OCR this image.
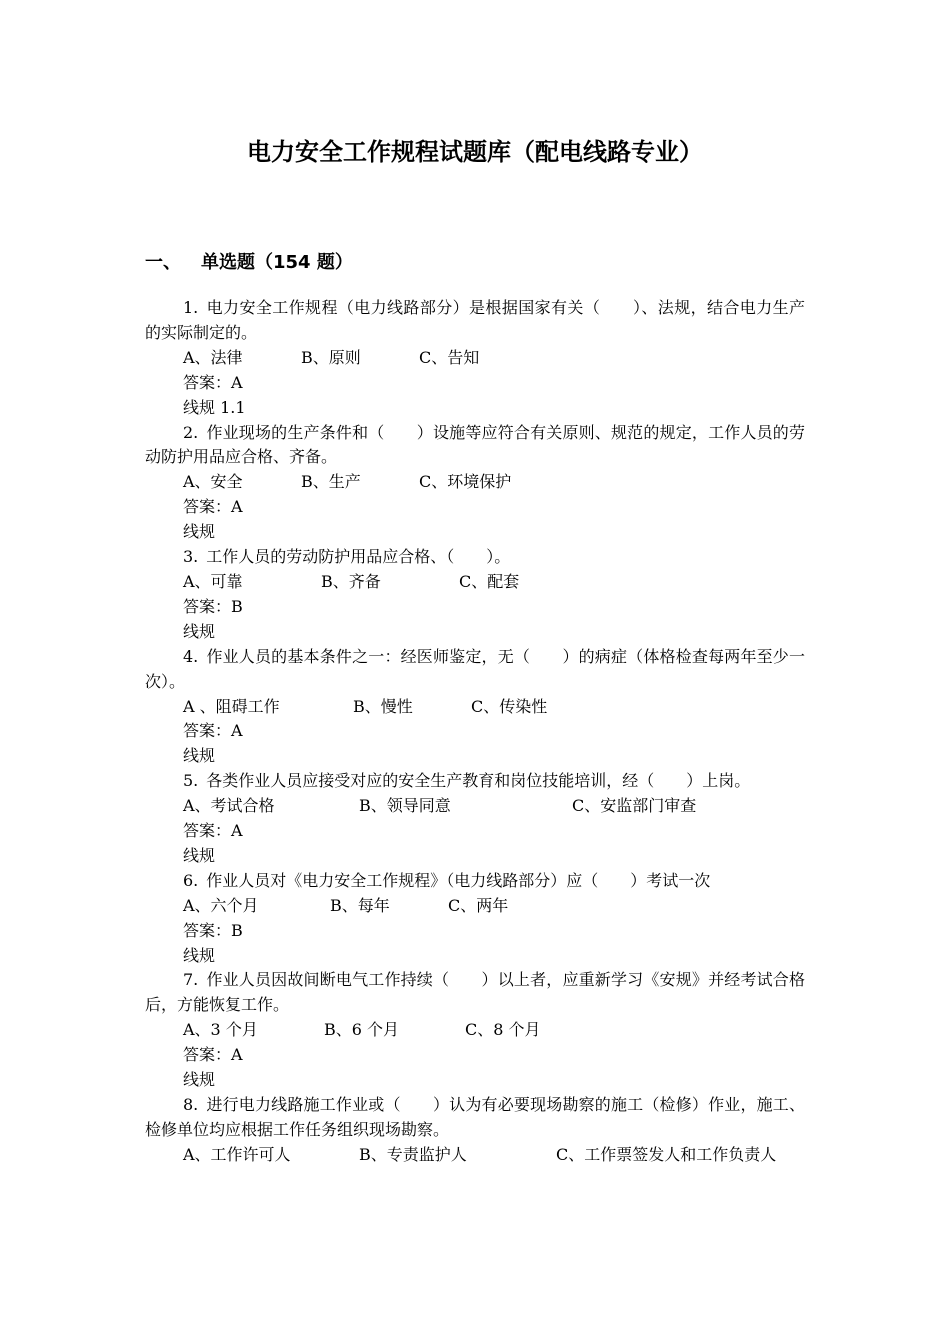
电力安全工作规程试题库（配电线路专业）
一、 单选题（154 题）

1. 电力安全工作规程（电力线路部分）是根据国家有关（　　）、法规，结合电力生产的实际制定的。

A、法律	B、原则	C、告知

答案：A

线规 1.1

2. 作业现场的生产条件和（　　）设施等应符合有关原则、规范的规定，工作人员的劳动防护用品应合格、齐备。

A、安全	B、生产	C、环境保护

答案：A

线规

3. 工作人员的劳动防护用品应合格、（　　）。

A、可靠	B、齐备	C、配套

答案：B

线规

4. 作业人员的基本条件之一：经医师鉴定，无（　　）的病症（体格检查每两年至少一次）。

A 、阻碍工作	B、慢性	C、传染性

答案：A

线规

5. 各类作业人员应接受对应的安全生产教育和岗位技能培训，经（　　）上岗。

A、考试合格	B、领导同意	C、安监部门审查

答案：A

线规

6. 作业人员对《电力安全工作规程》（电力线路部分）应（　　）考试一次

A、六个月	B、每年	C、两年

答案：B

线规

7. 作业人员因故间断电气工作持续（　　）以上者，应重新学习《安规》并经考试合格后，方能恢复工作。

A、3 个月	B、6 个月	C、8 个月

答案：A

线规

8. 进行电力线路施工作业或（　　）认为有必要现场勘察的施工（检修）作业，施工、检修单位均应根据工作任务组织现场勘察。

A、工作许可人	B、专责监护人	C、工作票签发人和工作负责人
